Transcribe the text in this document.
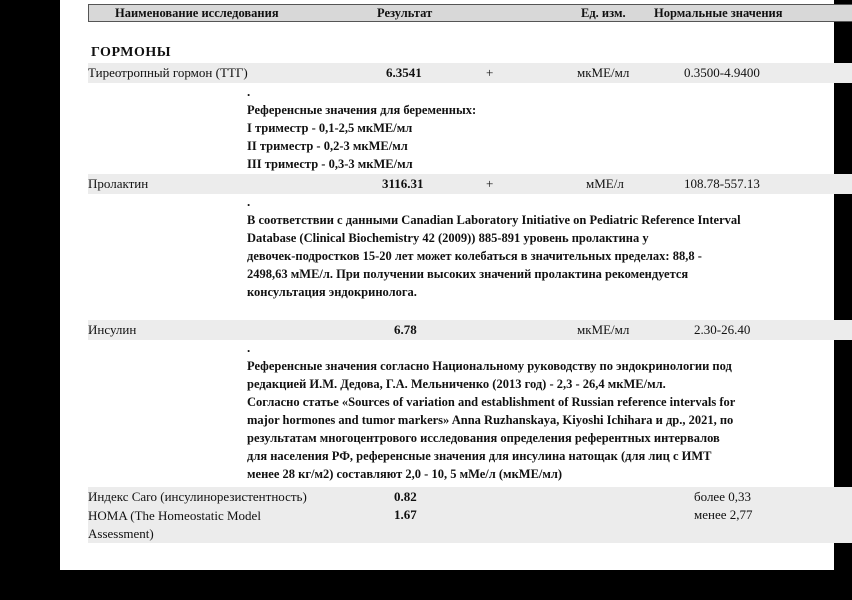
Наименование исследования	Результат	Ед. изм. Нормальные значения
ГОРМОНЫ
Тиреотропный гормон (ТТГ)	6.3541	+	мкМЕ/мл	0.3500-4.9400
.
Референсные значения для беременных:
I триместр - 0,1-2,5 мкМЕ/мл
II триместр - 0,2-3 мкМЕ/мл
III триместр - 0,3-3 мкМЕ/мл
Пролактин	3116.31	+	мМЕ/л	108.78-557.13
.
В соответствии с данными Canadian Laboratory Initiative on Pediatric Reference Interval
Database (Clinical Biochemistry 42 (2009)) 885-891 уровень пролактина у
девочек-подростков 15-20 лет может колебаться в значительных пределах: 88,8 -
2498,63 мМЕ/л. При получении высоких значений пролактина рекомендуется
консультация эндокринолога.
Инсулин	6.78	мкМЕ/мл	2.30-26.40
.
Референсные значения согласно Национальному руководству по эндокринологии под
редакцией И.М. Дедова, Г.А. Мельниченко (2013 год) - 2,3 - 26,4 мкМЕ/мл.
Согласно статье «Sources of variation and establishment of Russian reference intervals for
major hormones and tumor markers» Anna Ruzhanskaya, Kiyoshi Ichihara и др., 2021, по
результатам многоцентрового исследования определения референтных интервалов
для населения РФ, референсные значения для инсулина натощак (для лиц с ИМТ
менее 28 кг/м2) составляют 2,0 - 10, 5 мМе/л (мкМЕ/мл)
Индекс Caro (инсулинорезистентность)	0.82	более 0,33
HOMA (The Homeostatic Model
Assessment)
1.67	менее 2,77
